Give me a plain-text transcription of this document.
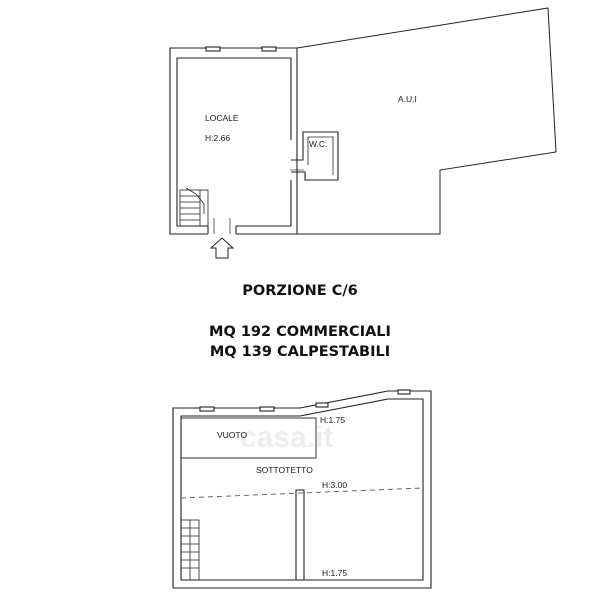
LOCALE
H:2.66
W.C.
A.U.I
casa.it
VUOTO
SOTTOTETTO
H:1.75
H:3.00
H:1.75
PORZIONE C/6
MQ 192 COMMERCIALI
MQ 139 CALPESTABILI
